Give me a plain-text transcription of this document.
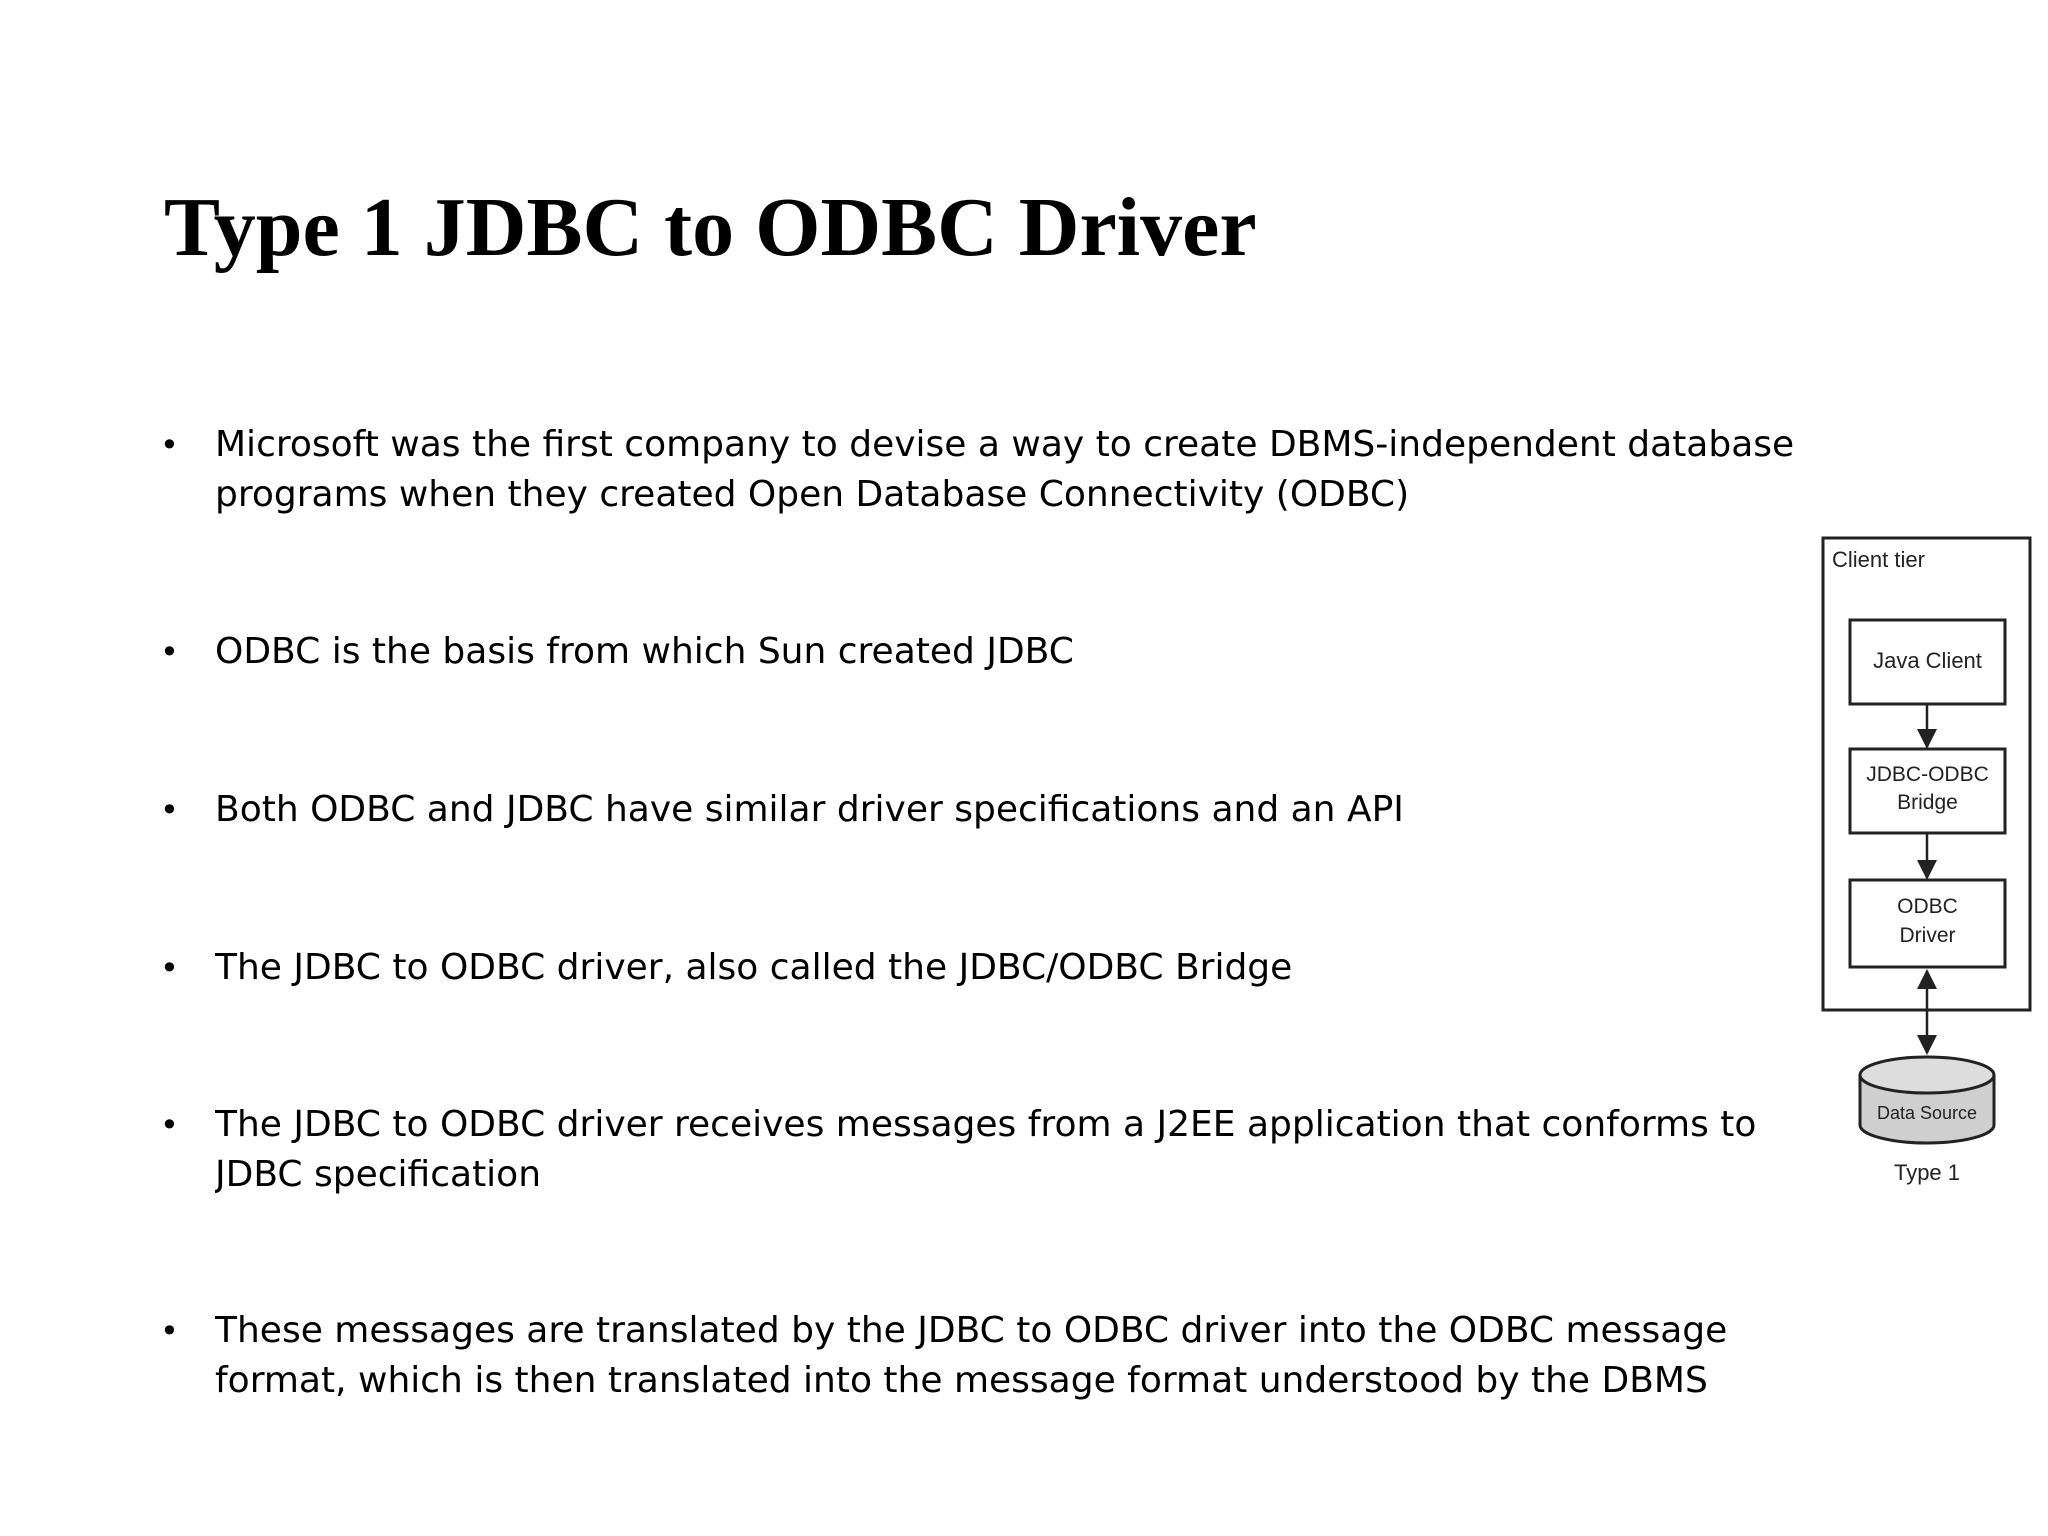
Type 1 JDBC to ODBC Driver
• Microsoft was the first company to devise a way to create DBMS-independent database
programs when they created Open Database Connectivity (ODBC)
• ODBC is the basis from which Sun created JDBC
• Both ODBC and JDBC have similar driver specifications and an API
• The JDBC to ODBC driver, also called the JDBC/ODBC Bridge
• The JDBC to ODBC driver receives messages from a J2EE application that conforms to
JDBC specification
• These messages are translated by the JDBC to ODBC driver into the ODBC message
format, which is then translated into the message format understood by the DBMS
Client tier
Java Client
JDBC-ODBC
Bridge
ODBC
Driver
Data Source
Type 1
